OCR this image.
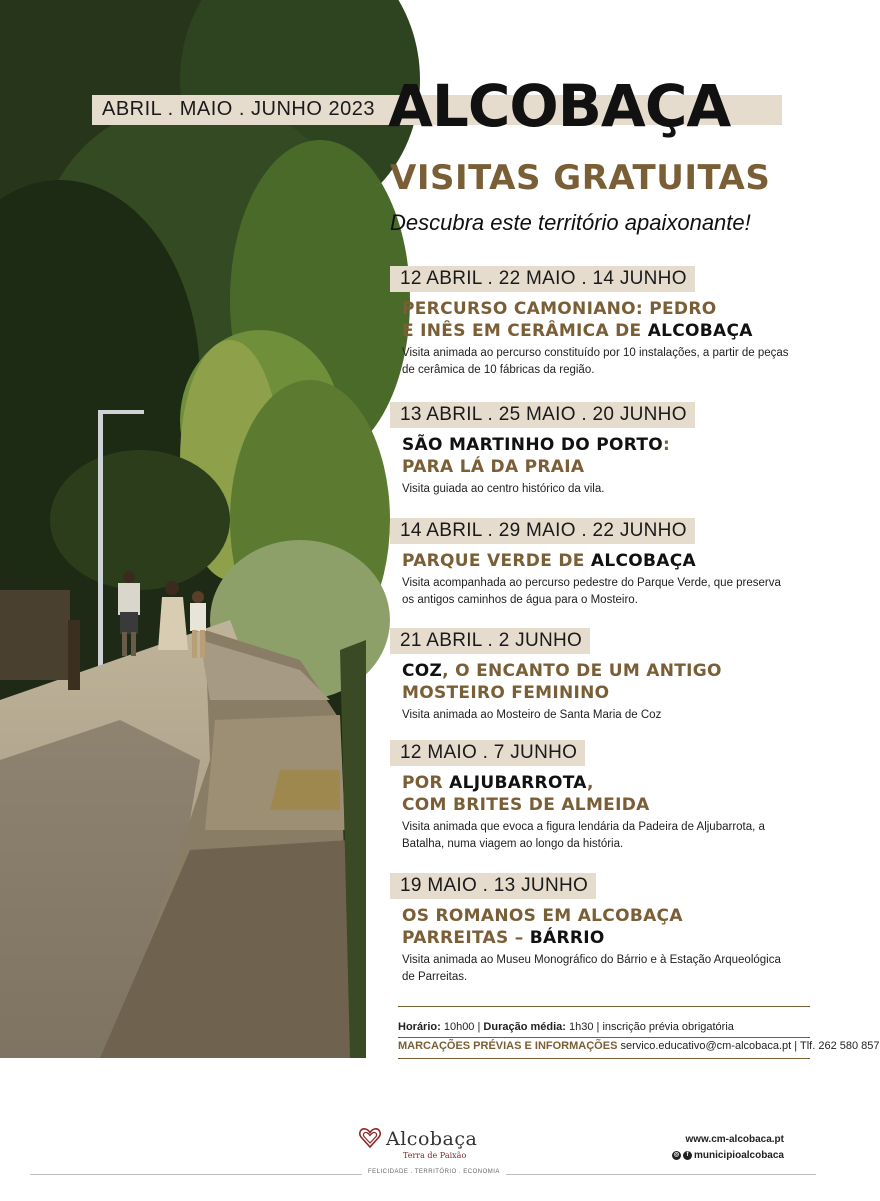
ABRIL . MAIO . JUNHO 2023 ALCOBAÇA
VISITAS GRATUITAS
Descubra este território apaixonante!
12 ABRIL . 22 MAIO . 14 JUNHO
PERCURSO CAMONIANO: PEDRO
E INÊS EM CERÂMICA DE ALCOBAÇA
Visita animada ao percurso constituído por 10 instalações, a partir de peças de cerâmica de 10 fábricas da região.
13 ABRIL . 25 MAIO . 20 JUNHO
SÃO MARTINHO DO PORTO:
PARA LÁ DA PRAIA
Visita guiada ao centro histórico da vila.
14 ABRIL . 29 MAIO . 22 JUNHO
PARQUE VERDE DE ALCOBAÇA
Visita acompanhada ao percurso pedestre do Parque Verde, que preserva os antigos caminhos de água para o Mosteiro.
21 ABRIL . 2 JUNHO
COZ, O ENCANTO DE UM ANTIGO
MOSTEIRO FEMININO
Visita animada ao Mosteiro de Santa Maria de Coz
12 MAIO . 7 JUNHO
POR ALJUBARROTA,
COM BRITES DE ALMEIDA
Visita animada que evoca a figura lendária da Padeira de Aljubarrota, a Batalha, numa viagem ao longo da história.
19 MAIO . 13 JUNHO
OS ROMANOS EM ALCOBAÇA
PARREITAS – BÁRRIO
Visita animada ao Museu Monográfico do Bárrio e à Estação Arqueológica de Parreitas.
Horário: 10h00 | Duração média: 1h30 | inscrição prévia obrigatória
MARCAÇÕES PRÉVIAS E INFORMAÇÕES servico.educativo@cm-alcobaca.pt | Tlf. 262 580 857
Alcobaça
Terra de Paixão
FELICIDADE . TERRITÓRIO . ECONOMIA
www.cm-alcobaca.pt
◎	f municipioalcobaca
